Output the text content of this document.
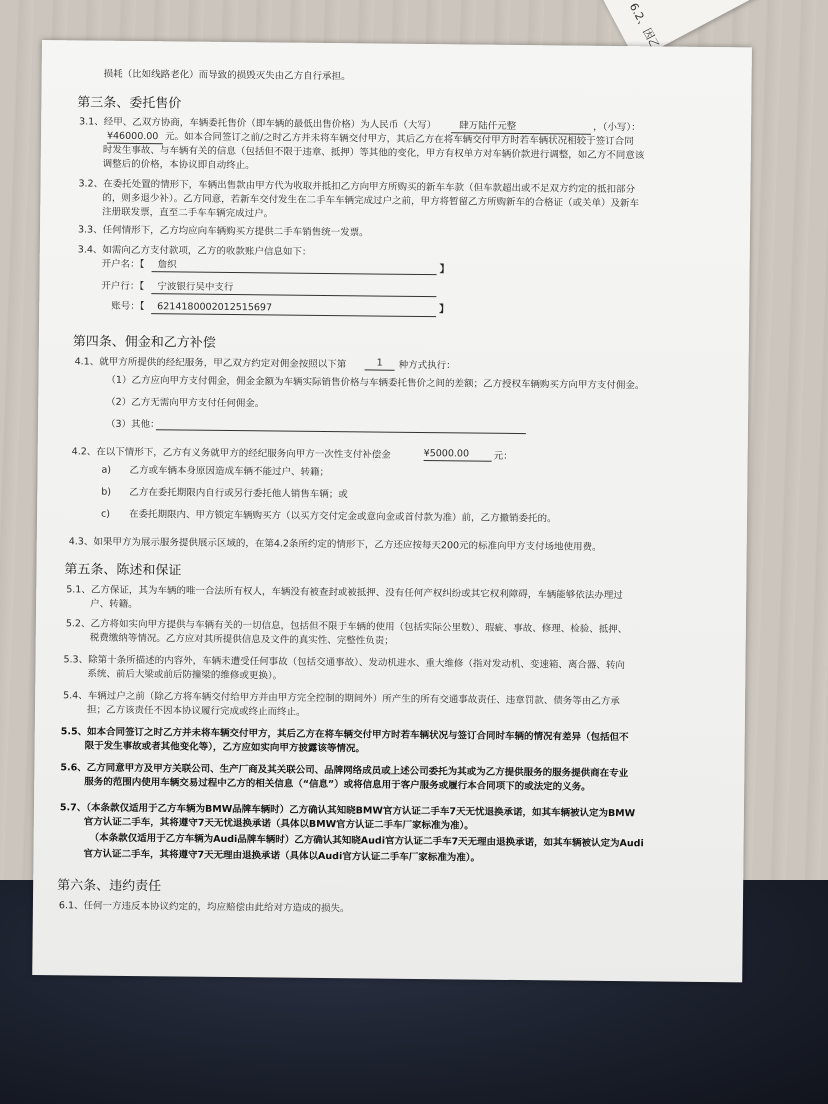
损耗（比如线路老化）而导致的损毁灭失由乙方自行承担。
第三条、委托售价
3.1、经甲、乙双方协商，车辆委托售价（即车辆的最低出售价格）为人民币（大写）	肆万陆仟元整	，（小写）：
¥46000.00 元。如本合同签订之前/之时乙方并未将车辆交付甲方，其后乙方在将车辆交付甲方时若车辆状况相较于签订合同
时发生事故、与车辆有关的信息（包括但不限于违章、抵押）等其他的变化，甲方有权单方对车辆价款进行调整，如乙方不同意该
调整后的价格，本协议即自动终止。
3.2、在委托处置的情形下，车辆出售款由甲方代为收取并抵扣乙方向甲方所购买的新车车款（但车款超出或不足双方约定的抵扣部分
的，则多退少补）。乙方同意，若新车交付发生在二手车车辆完成过户之前，甲方将暂留乙方所购新车的合格证（或关单）及新车
注册联发票，直至二手车车辆完成过户。
3.3、任何情形下，乙方均应向车辆购买方提供二手车销售统一发票。
3.4、如需向乙方支付款项，乙方的收款账户信息如下：
开户名：【	詹织	】
开户行：【	宁波银行吴中支行
账号：【	6214180002012515697	】
第四条、佣金和乙方补偿
4.1、就甲方所提供的经纪服务，甲乙双方约定对佣金按照以下第	1	种方式执行：
（1）乙方应向甲方支付佣金，佣金金额为车辆实际销售价格与车辆委托售价之间的差额；乙方授权车辆购买方向甲方支付佣金。
（2）乙方无需向甲方支付任何佣金。
（3）其他：
4.2、在以下情形下，乙方有义务就甲方的经纪服务向甲方一次性支付补偿金	¥5000.00	元：
a) 乙方或车辆本身原因造成车辆不能过户、转籍；
b) 乙方在委托期限内自行或另行委托他人销售车辆；或
c) 在委托期限内、甲方锁定车辆购买方（以买方交付定金或意向金或首付款为准）前，乙方撤销委托的。
4.3、如果甲方为展示服务提供展示区域的，在第4.2条所约定的情形下，乙方还应按每天200元的标准向甲方支付场地使用费。
第五条、陈述和保证
5.1、乙方保证，其为车辆的唯一合法所有权人，车辆没有被查封或被抵押、没有任何产权纠纷或其它权利障碍，车辆能够依法办理过
户、转籍。
5.2、乙方将如实向甲方提供与车辆有关的一切信息，包括但不限于车辆的使用（包括实际公里数）、瑕疵、事故、修理、检验、抵押、
税费缴纳等情况。乙方应对其所提供信息及文件的真实性、完整性负责；
5.3、除第十条所描述的内容外，车辆未遭受任何事故（包括交通事故）、发动机进水、重大维修（指对发动机、变速箱、离合器、转向
系统、前后大梁或前后防撞梁的维修或更换）。
5.4、车辆过户之前（除乙方将车辆交付给甲方并由甲方完全控制的期间外）所产生的所有交通事故责任、违章罚款、债务等由乙方承
担；乙方该责任不因本协议履行完成或终止而终止。
5.5、如本合同签订之时乙方并未将车辆交付甲方，其后乙方在将车辆交付甲方时若车辆状况与签订合同时车辆的情况有差异（包括但不
限于发生事故或者其他变化等），乙方应如实向甲方披露该等情况。
5.6、乙方同意甲方及甲方关联公司、生产厂商及其关联公司、品牌网络成员或上述公司委托为其或为乙方提供服务的服务提供商在专业
服务的范围内使用车辆交易过程中乙方的相关信息（“信息”）或将信息用于客户服务或履行本合同项下的或法定的义务。
5.7、（本条款仅适用于乙方车辆为BMW品牌车辆时）乙方确认其知晓BMW官方认证二手车7天无忧退换承诺，如其车辆被认定为BMW
官方认证二手车，其将遵守7天无忧退换承诺（具体以BMW官方认证二手车厂家标准为准）。
（本条款仅适用于乙方车辆为Audi品牌车辆时）乙方确认其知晓Audi官方认证二手车7天无理由退换承诺，如其车辆被认定为Audi
官方认证二手车，其将遵守7天无理由退换承诺（具体以Audi官方认证二手车厂家标准为准）。
第六条、违约责任
6.1、任何一方违反本协议约定的，均应赔偿由此给对方造成的损失。
